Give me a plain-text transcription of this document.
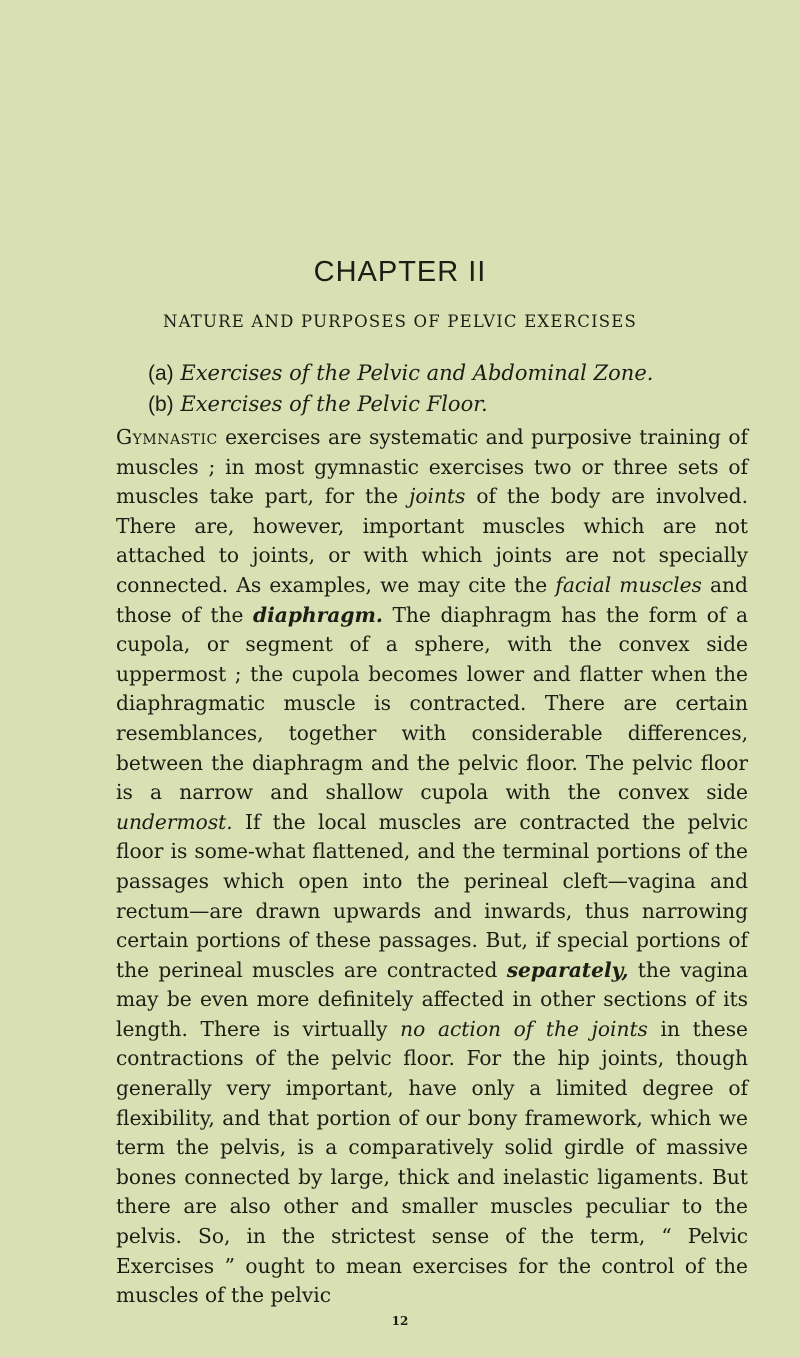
CHAPTER II
NATURE AND PURPOSES OF PELVIC EXERCISES
(a) Exercises of the Pelvic and Abdominal Zone.
(b) Exercises of the Pelvic Floor.

Gymnastic exercises are systematic and purposive training of muscles ; in most gymnastic exercises two or three sets of muscles take part, for the joints of the body are involved. There are, however, important muscles which are not attached to joints, or with which joints are not specially connected. As examples, we may cite the facial muscles and those of the diaphragm. The diaphragm has the form of a cupola, or segment of a sphere, with the convex side uppermost ; the cupola becomes lower and flatter when the diaphragmatic muscle is contracted. There are certain resemblances, together with considerable differences, between the diaphragm and the pelvic floor. The pelvic floor is a narrow and shallow cupola with the convex side undermost. If the local muscles are contracted the pelvic floor is some-what flattened, and the terminal portions of the passages which open into the perineal cleft—vagina and rectum—are drawn upwards and inwards, thus narrowing certain portions of these passages. But, if special portions of the perineal muscles are contracted separately, the vagina may be even more definitely affected in other sections of its length. There is virtually no action of the joints in these contractions of the pelvic floor. For the hip joints, though generally very important, have only a limited degree of flexibility, and that portion of our bony framework, which we term the pelvis, is a comparatively solid girdle of massive bones connected by large, thick and inelastic ligaments. But there are also other and smaller muscles peculiar to the pelvis. So, in the strictest sense of the term, “ Pelvic Exercises ” ought to mean exercises for the control of the muscles of the pelvic

12
